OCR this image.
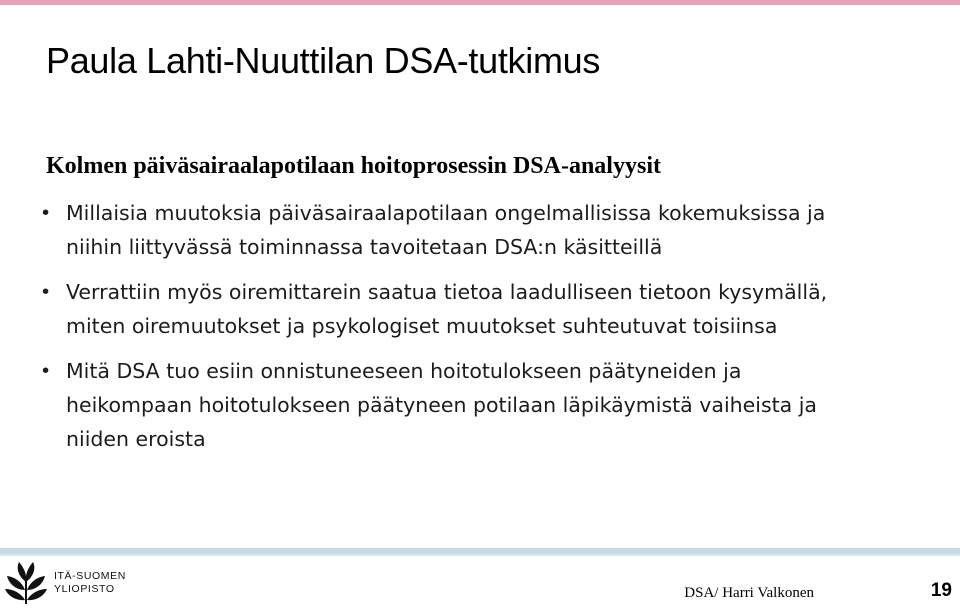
Paula Lahti-Nuuttilan DSA-tutkimus
Kolmen päiväsairaalapotilaan hoitoprosessin DSA-analyysit
• Millaisia muutoksia päiväsairaalapotilaan ongelmallisissa kokemuksissa ja
niihin liittyvässä toiminnassa tavoitetaan DSA:n käsitteillä
• Verrattiin myös oiremittarein saatua tietoa laadulliseen tietoon kysymällä,
miten oiremuutokset ja psykologiset muutokset suhteutuvat toisiinsa
• Mitä DSA tuo esiin onnistuneeseen hoitotulokseen päätyneiden ja
heikompaan hoitotulokseen päätyneen potilaan läpikäymistä vaiheista ja
niiden eroista
ITÄ-SUOMEN
YLIOPISTO	DSA/ Harri Valkonen	19
